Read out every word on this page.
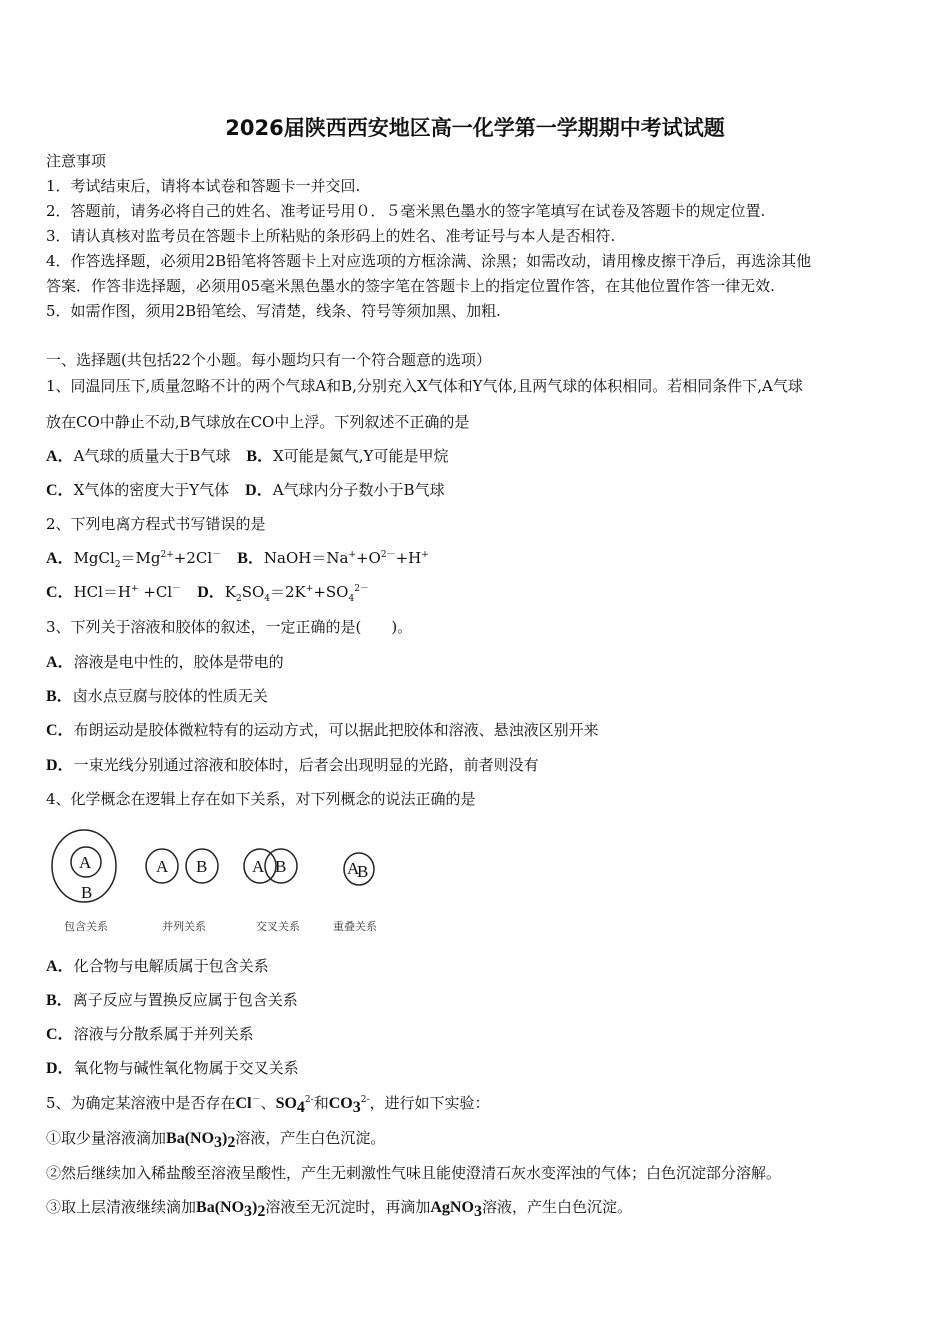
2026届陕西西安地区高一化学第一学期期中考试试题
注意事项
1．考试结束后，请将本试卷和答题卡一并交回.
2．答题前，请务必将自己的姓名、准考证号用０．５毫米黑色墨水的签字笔填写在试卷及答题卡的规定位置.
3．请认真核对监考员在答题卡上所粘贴的条形码上的姓名、准考证号与本人是否相符.
4．作答选择题，必须用2B铅笔将答题卡上对应选项的方框涂满、涂黑；如需改动，请用橡皮擦干净后，再选涂其他
答案．作答非选择题，必须用05毫米黑色墨水的签字笔在答题卡上的指定位置作答，在其他位置作答一律无效.
5．如需作图，须用2B铅笔绘、写清楚，线条、符号等须加黑、加粗.
一、选择题(共包括22个小题。每小题均只有一个符合题意的选项）
1、同温同压下,质量忽略不计的两个气球A和B,分别充入X气体和Y气体,且两气球的体积相同。若相同条件下,A气球
放在CO中静止不动,B气球放在CO中上浮。下列叙述不正确的是
A．A气球的质量大于B气球 B．X可能是氮气,Y可能是甲烷
C．X气体的密度大于Y气体 D．A气球内分子数小于B气球
2、下列电离方程式书写错误的是
A．$MgCl_2=Mg^{2+}+2Cl^-$ B．$NaOH=Na^++O^{2-}+H^+$
C．HCl＝H+ +Cl－ D．$K_2SO_4=2K^++SO_4^{2-}$
3、下列关于溶液和胶体的叙述，一定正确的是(　　)。
A．溶液是电中性的，胶体是带电的
B．卤水点豆腐与胶体的性质无关
C．布朗运动是胶体微粒特有的运动方式，可以据此把胶体和溶液、悬浊液区别开来
D．一束光线分别通过溶液和胶体时，后者会出现明显的光路，前者则没有
4、化学概念在逻辑上存在如下关系，对下列概念的说法正确的是
A
B
A B	A B	A
B
包含关系	并列关系	交叉关系	重叠关系
A．化合物与电解质属于包含关系
B．离子反应与置换反应属于包含关系
C．溶液与分散系属于并列关系
D．氧化物与碱性氧化物属于交叉关系
5、为确定某溶液中是否存在Cl－、$SO_4^{2-}$和$CO_3^{2-}$，进行如下实验：
①取少量溶液滴加$Ba(NO_3)_2$溶液，产生白色沉淀。
②然后继续加入稀盐酸至溶液呈酸性，产生无刺激性气味且能使澄清石灰水变浑浊的气体；白色沉淀部分溶解。
③取上层清液继续滴加$Ba(NO_3)_2$溶液至无沉淀时，再滴加AgNO$_3$溶液，产生白色沉淀。
